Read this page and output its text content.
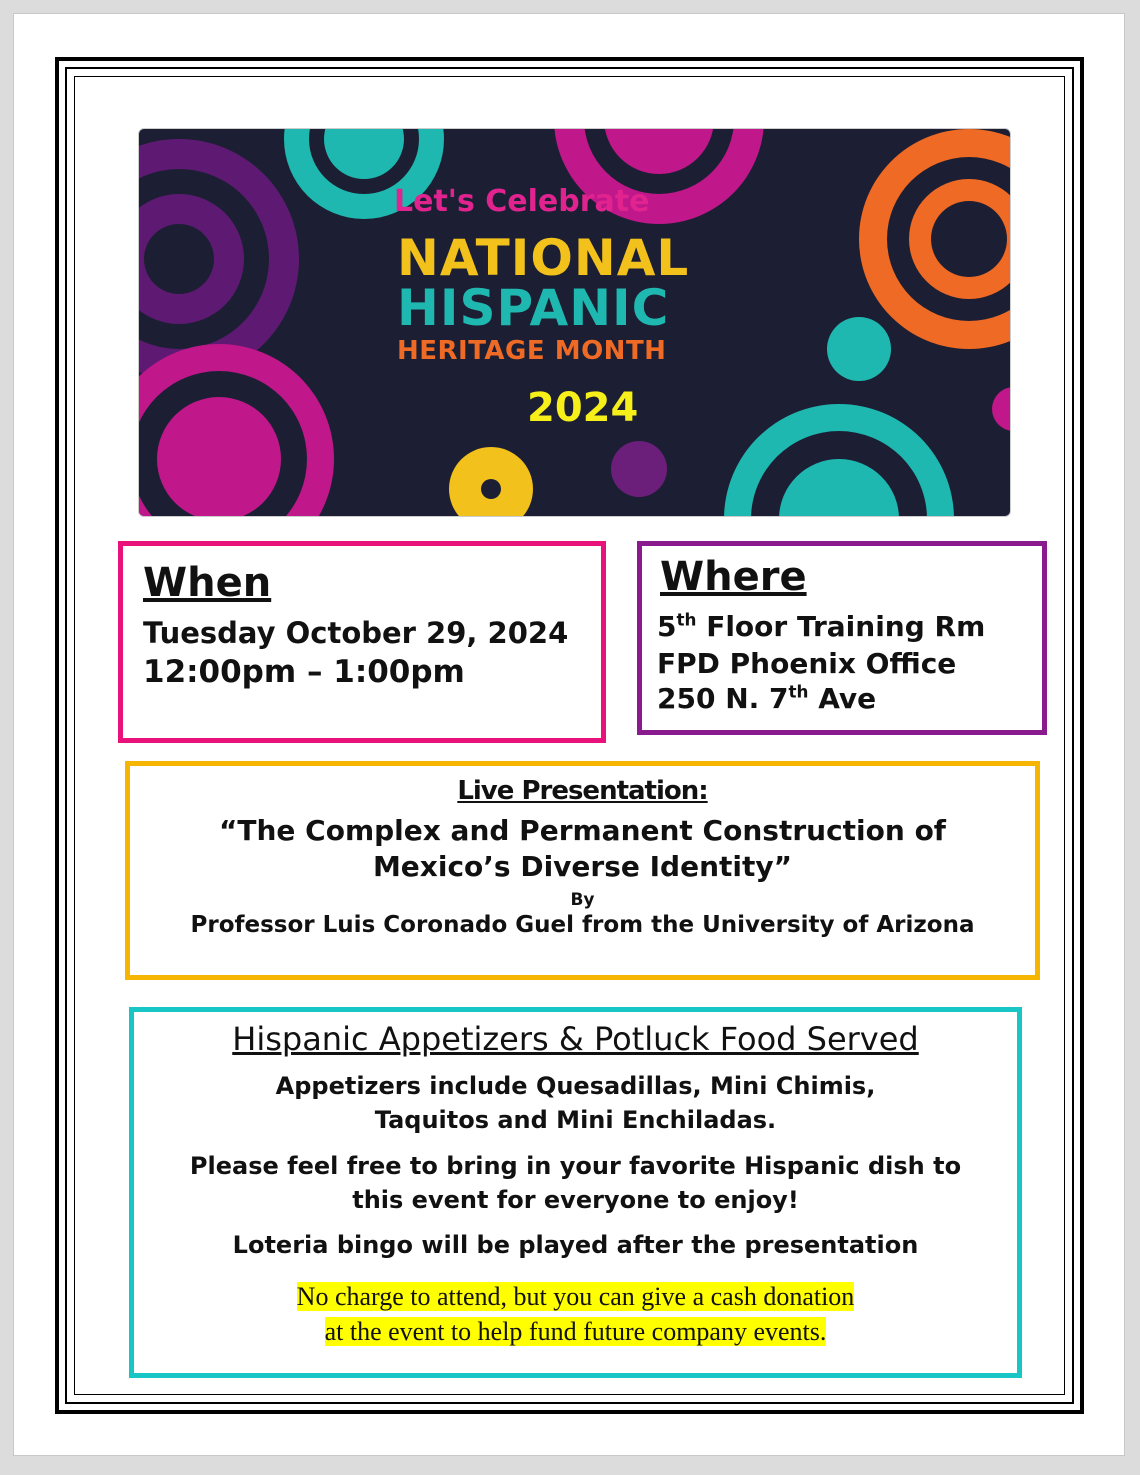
Let's Celebrate
NATIONAL
HISPANIC
HERITAGE MONTH
2024
When
Tuesday October 29, 2024
12:00pm – 1:00pm
Where
5th Floor Training Rm
FPD Phoenix Office
250 N. 7th Ave
Live Presentation:
“The Complex and Permanent Construction of
Mexico’s Diverse Identity”
By
Professor Luis Coronado Guel from the University of Arizona
Hispanic Appetizers & Potluck Food Served
Appetizers include Quesadillas, Mini Chimis,
Taquitos and Mini Enchiladas.
Please feel free to bring in your favorite Hispanic dish to
this event for everyone to enjoy!
Loteria bingo will be played after the presentation
No charge to attend, but you can give a cash donation
at the event to help fund future company events.
